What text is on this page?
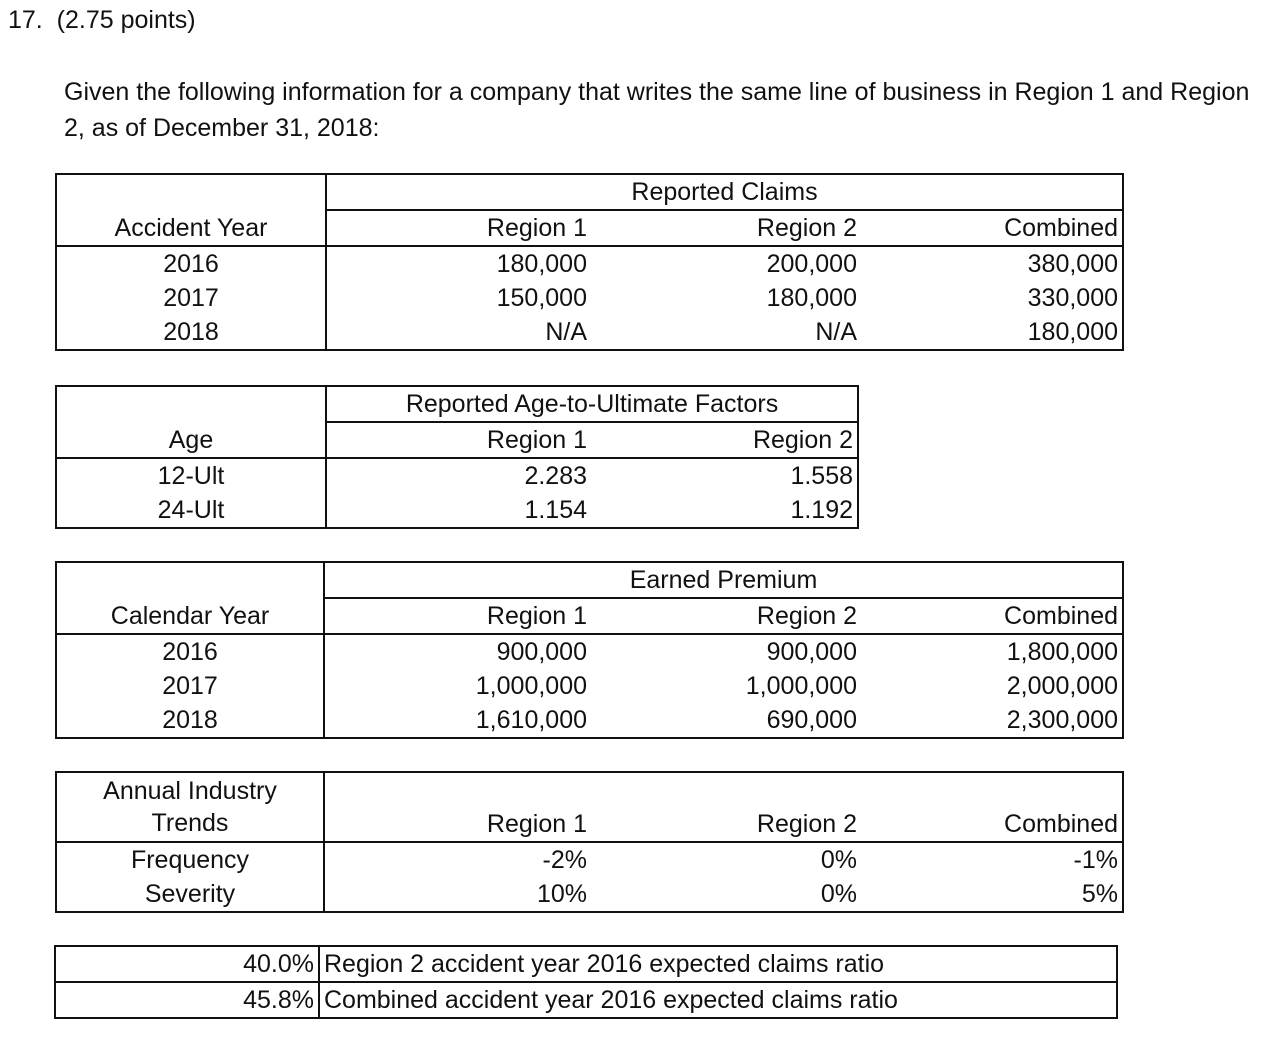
17. (2.75 points)
Given the following information for a company that writes the same line of business in Region 1 and Region 2, as of December 31, 2018:
Accident Year	Reported Claims		
	Region 1	Region 2	Combined
2016	180,000	200,000	380,000
2017	150,000	180,000	330,000
2018	N/A	N/A	180,000
Age	Reported Age-to-Ultimate Factors	
	Region 1	Region 2
12-Ult	2.283	1.558
24-Ult	1.154	1.192
Calendar Year	Earned Premium		
	Region 1	Region 2	Combined
2016	900,000	900,000	1,800,000
2017	1,000,000	1,000,000	2,000,000
2018	1,610,000	690,000	2,300,000
Annual Industry
Trends	Region 1	Region 2	Combined
Frequency	-2%	0%	-1%
Severity	10%	0%	5%
40.0%	Region 2 accident year 2016 expected claims ratio
45.8%	Combined accident year 2016 expected claims ratio
